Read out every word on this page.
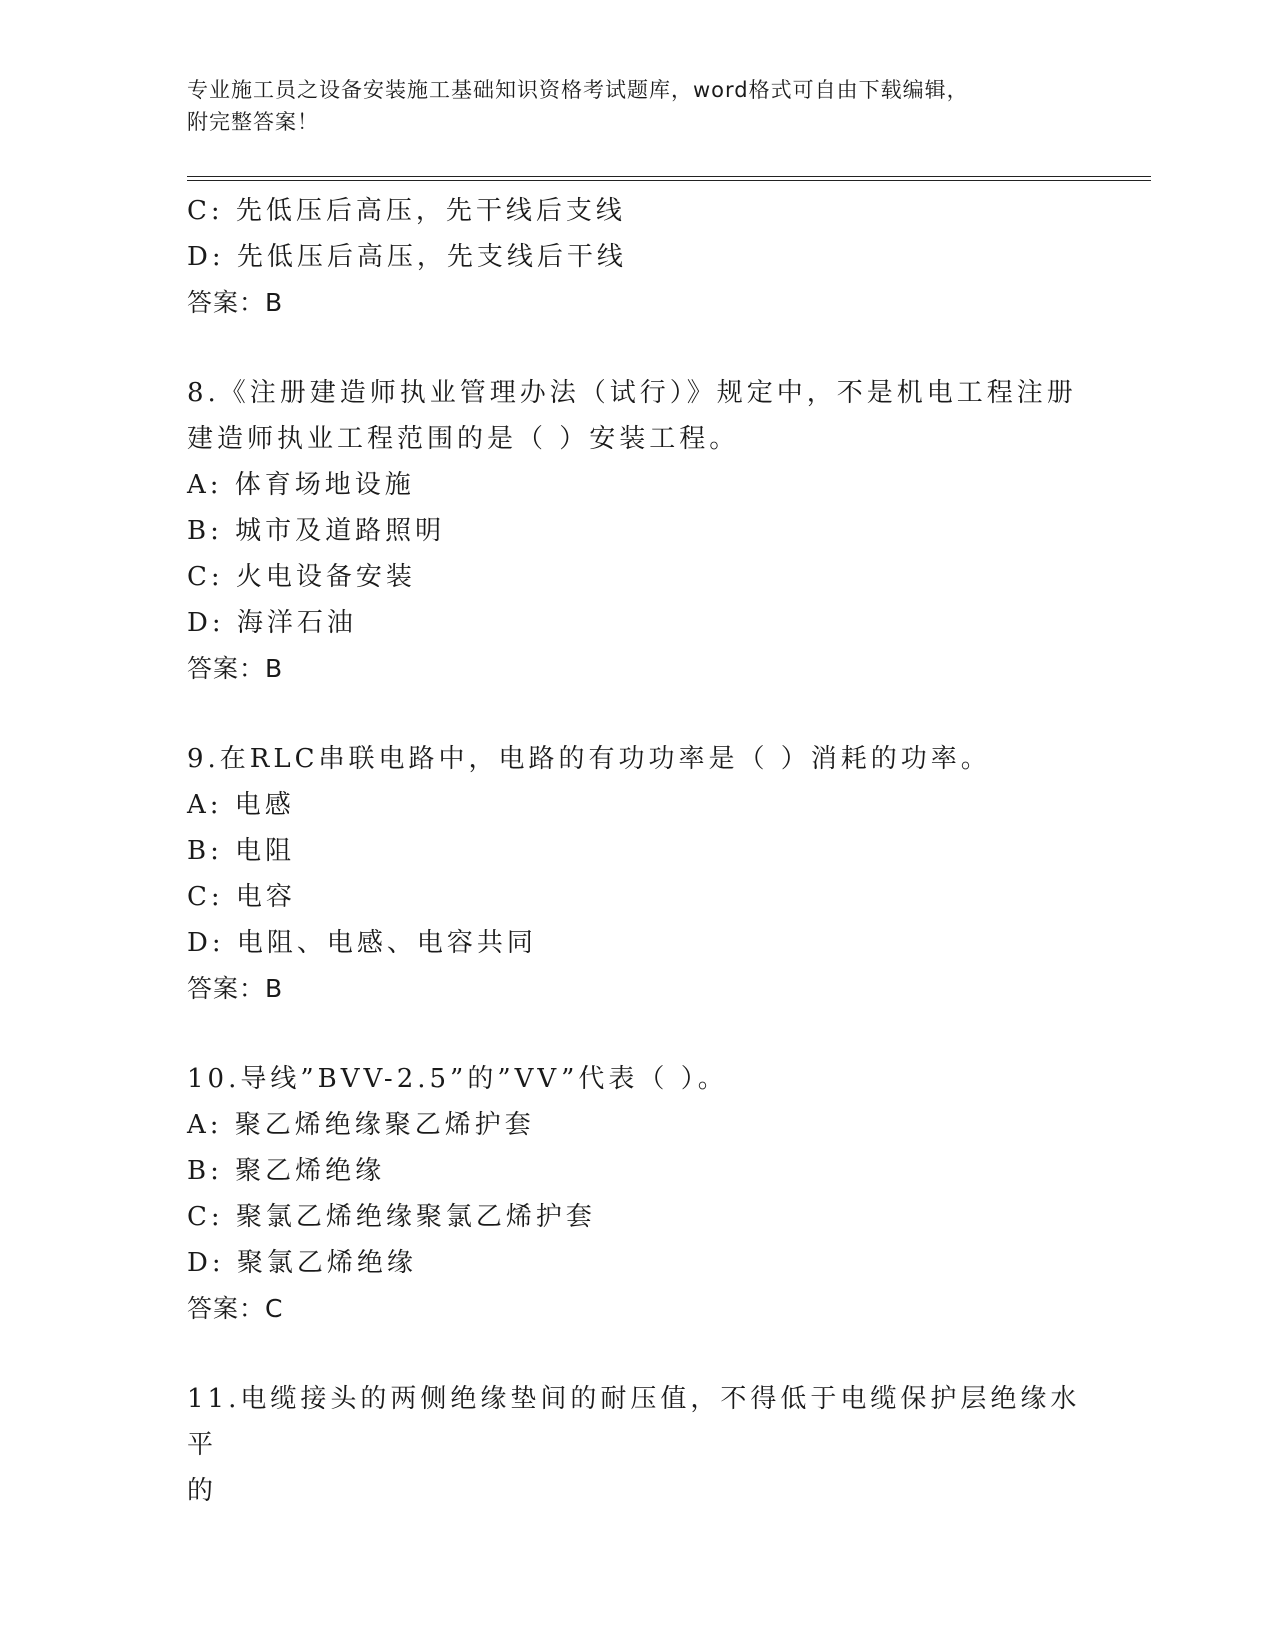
专业施工员之设备安装施工基础知识资格考试题库，word格式可自由下载编辑，
附完整答案！
C: 先低压后高压，先干线后支线
D: 先低压后高压，先支线后干线
答案：B
8.《注册建造师执业管理办法（试行）》规定中，不是机电工程注册
建造师执业工程范围的是（ ）安装工程。
A: 体育场地设施
B: 城市及道路照明
C: 火电设备安装
D: 海洋石油
答案：B
9.在RLC串联电路中，电路的有功功率是（ ）消耗的功率。
A: 电感
B: 电阻
C: 电容
D: 电阻、电感、电容共同
答案：B
10.导线”BVV-2.5”的”VV”代表（ ）。
A: 聚乙烯绝缘聚乙烯护套
B: 聚乙烯绝缘
C: 聚氯乙烯绝缘聚氯乙烯护套
D: 聚氯乙烯绝缘
答案：C
11.电缆接头的两侧绝缘垫间的耐压值，不得低于电缆保护层绝缘水平
的
